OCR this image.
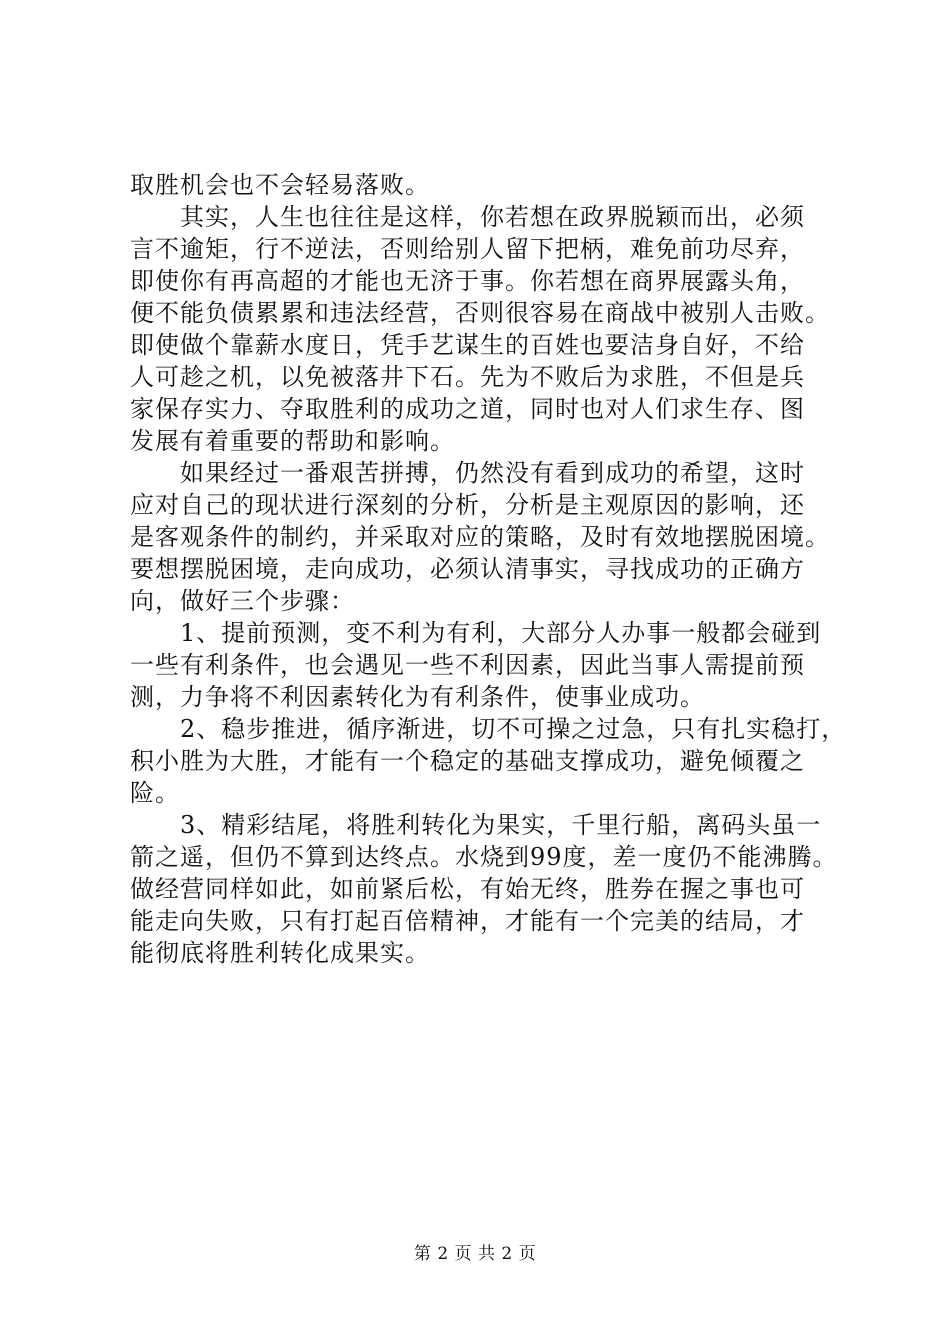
取胜机会也不会轻易落败。
　　其实，人生也往往是这样，你若想在政界脱颖而出，必须
言不逾矩，行不逆法，否则给别人留下把柄，难免前功尽弃，
即使你有再高超的才能也无济于事。你若想在商界展露头角，
便不能负债累累和违法经营，否则很容易在商战中被别人击败。
即使做个靠薪水度日，凭手艺谋生的百姓也要洁身自好，不给
人可趁之机，以免被落井下石。先为不败后为求胜，不但是兵
家保存实力、夺取胜利的成功之道，同时也对人们求生存、图
发展有着重要的帮助和影响。
　　如果经过一番艰苦拼搏，仍然没有看到成功的希望，这时
应对自己的现状进行深刻的分析，分析是主观原因的影响，还
是客观条件的制约，并采取对应的策略，及时有效地摆脱困境。
要想摆脱困境，走向成功，必须认清事实，寻找成功的正确方
向，做好三个步骤：
　　1、提前预测，变不利为有利，大部分人办事一般都会碰到
一些有利条件，也会遇见一些不利因素，因此当事人需提前预
测，力争将不利因素转化为有利条件，使事业成功。
　　2、稳步推进，循序渐进，切不可操之过急，只有扎实稳打，
积小胜为大胜，才能有一个稳定的基础支撑成功，避免倾覆之
险。
　　3、精彩结尾，将胜利转化为果实，千里行船，离码头虽一
箭之遥，但仍不算到达终点。水烧到99度，差一度仍不能沸腾。
做经营同样如此，如前紧后松，有始无终，胜券在握之事也可
能走向失败，只有打起百倍精神，才能有一个完美的结局，才
能彻底将胜利转化成果实。
第 2 页 共 2 页
